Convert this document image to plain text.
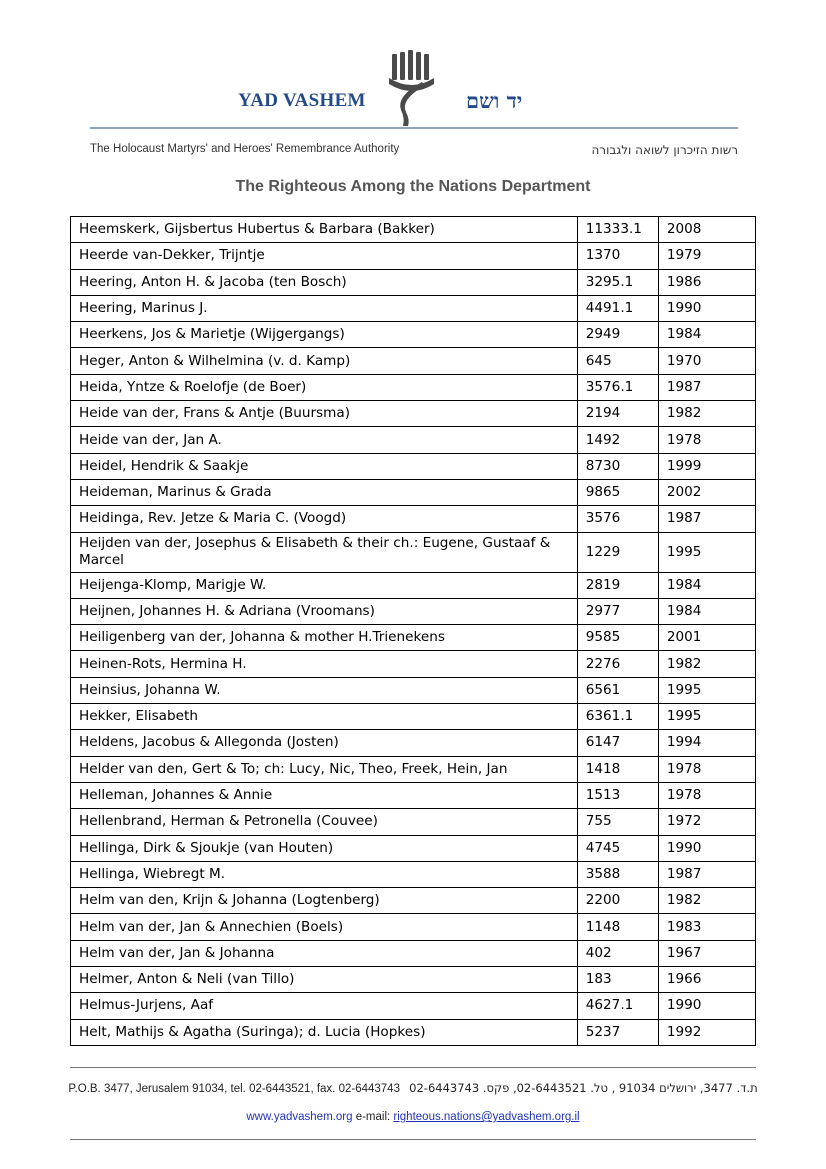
YAD VASHEM	יד ושם
The Holocaust Martyrs' and Heroes' Remembrance Authority	רשות הזיכרון לשואה ולגבורה
The Righteous Among the Nations Department
Heemskerk, Gijsbertus Hubertus & Barbara (Bakker)	11333.1	2008
Heerde van-Dekker, Trijntje	1370	1979
Heering, Anton H. & Jacoba (ten Bosch)	3295.1	1986
Heering, Marinus J.	4491.1	1990
Heerkens, Jos & Marietje (Wijgergangs)	2949	1984
Heger, Anton & Wilhelmina (v. d. Kamp)	645	1970
Heida, Yntze & Roelofje (de Boer)	3576.1	1987
Heide van der, Frans & Antje (Buursma)	2194	1982
Heide van der, Jan A.	1492	1978
Heidel, Hendrik & Saakje	8730	1999
Heideman, Marinus & Grada	9865	2002
Heidinga, Rev. Jetze & Maria C. (Voogd)	3576	1987
Heijden van der, Josephus & Elisabeth & their ch.: Eugene, Gustaaf & Marcel	1229	1995
Heijenga-Klomp, Marigje W.	2819	1984
Heijnen, Johannes H. & Adriana (Vroomans)	2977	1984
Heiligenberg van der, Johanna & mother H.Trienekens	9585	2001
Heinen-Rots, Hermina H.	2276	1982
Heinsius, Johanna W.	6561	1995
Hekker, Elisabeth	6361.1	1995
Heldens, Jacobus & Allegonda (Josten)	6147	1994
Helder van den, Gert & To; ch: Lucy, Nic, Theo, Freek, Hein, Jan	1418	1978
Helleman, Johannes & Annie	1513	1978
Hellenbrand, Herman & Petronella (Couvee)	755	1972
Hellinga, Dirk & Sjoukje (van Houten)	4745	1990
Hellinga, Wiebregt M.	3588	1987
Helm van den, Krijn & Johanna (Logtenberg)	2200	1982
Helm van der, Jan & Annechien (Boels)	1148	1983
Helm van der, Jan & Johanna	402	1967
Helmer, Anton & Neli (van Tillo)	183	1966
Helmus-Jurjens, Aaf	4627.1	1990
Helt, Mathijs & Agatha (Suringa); d. Lucia (Hopkes)	5237	1992
P.O.B. 3477, Jerusalem 91034, tel. 02-6443521, fax. 02-6443743 ת.ד. 3477, ירושלים 91034 , טל. 02-6443521, פקס. 02-6443743
www.yadvashem.org e-mail: righteous.nations@yadvashem.org.il
